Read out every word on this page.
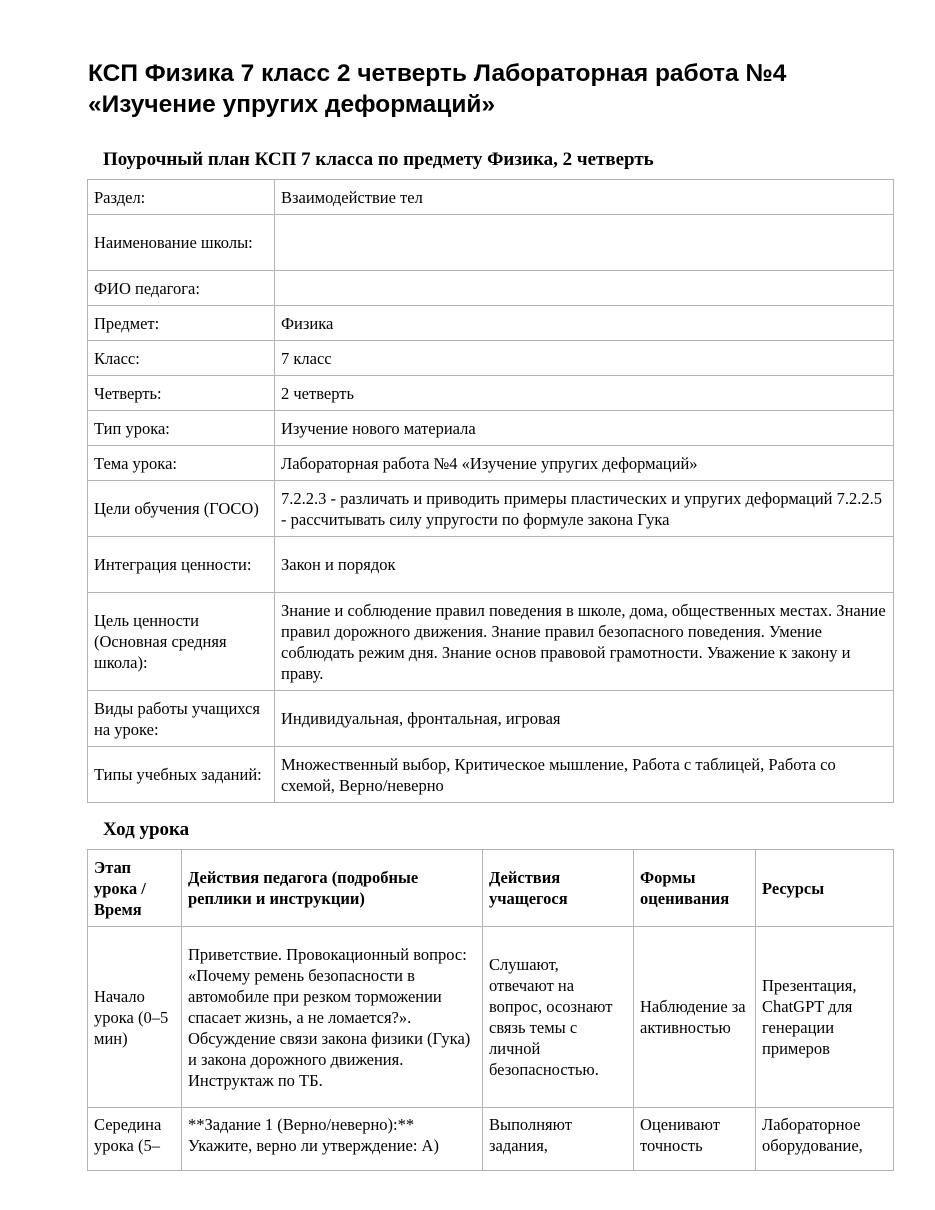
КСП Физика 7 класс 2 четверть Лабораторная работа №4 «Изучение упругих деформаций»
Поурочный план КСП 7 класса по предмету Физика, 2 четверть
Раздел:	Взаимодействие тел
Наименование школы:	
ФИО педагога:	
Предмет:	Физика
Класс:	7 класс
Четверть:	2 четверть
Тип урока:	Изучение нового материала
Тема урока:	Лабораторная работа №4 «Изучение упругих деформаций»
Цели обучения (ГОСО)	7.2.2.3 - различать и приводить примеры пластических и упругих деформаций 7.2.2.5 - рассчитывать силу упругости по формуле закона Гука
Интеграция ценности:	Закон и порядок
Цель ценности (Основная средняя школа):	Знание и соблюдение правил поведения в школе, дома, общественных местах. Знание правил дорожного движения. Знание правил безопасного поведения. Умение соблюдать режим дня. Знание основ правовой грамотности. Уважение к закону и праву.
Виды работы учащихся на уроке:	Индивидуальная, фронтальная, игровая
Типы учебных заданий:	Множественный выбор, Критическое мышление, Работа с таблицей, Работа со схемой, Верно/неверно
Ход урока
Этап урока / Время	Действия педагога (подробные реплики и инструкции)	Действия учащегося	Формы оценивания	Ресурсы
Начало урока (0–5 мин)	Приветствие. Провокационный вопрос: «Почему ремень безопасности в автомобиле при резком торможении спасает жизнь, а не ломается?». Обсуждение связи закона физики (Гука) и закона дорожного движения. Инструктаж по ТБ.	Слушают, отвечают на вопрос, осознают связь темы с личной безопасностью.	Наблюдение за активностью	Презентация, ChatGPT для генерации примеров
Середина урока (5–	**Задание 1 (Верно/неверно):** Укажите, верно ли утверждение: А)	Выполняют задания,	Оценивают точность	Лабораторное оборудование,
